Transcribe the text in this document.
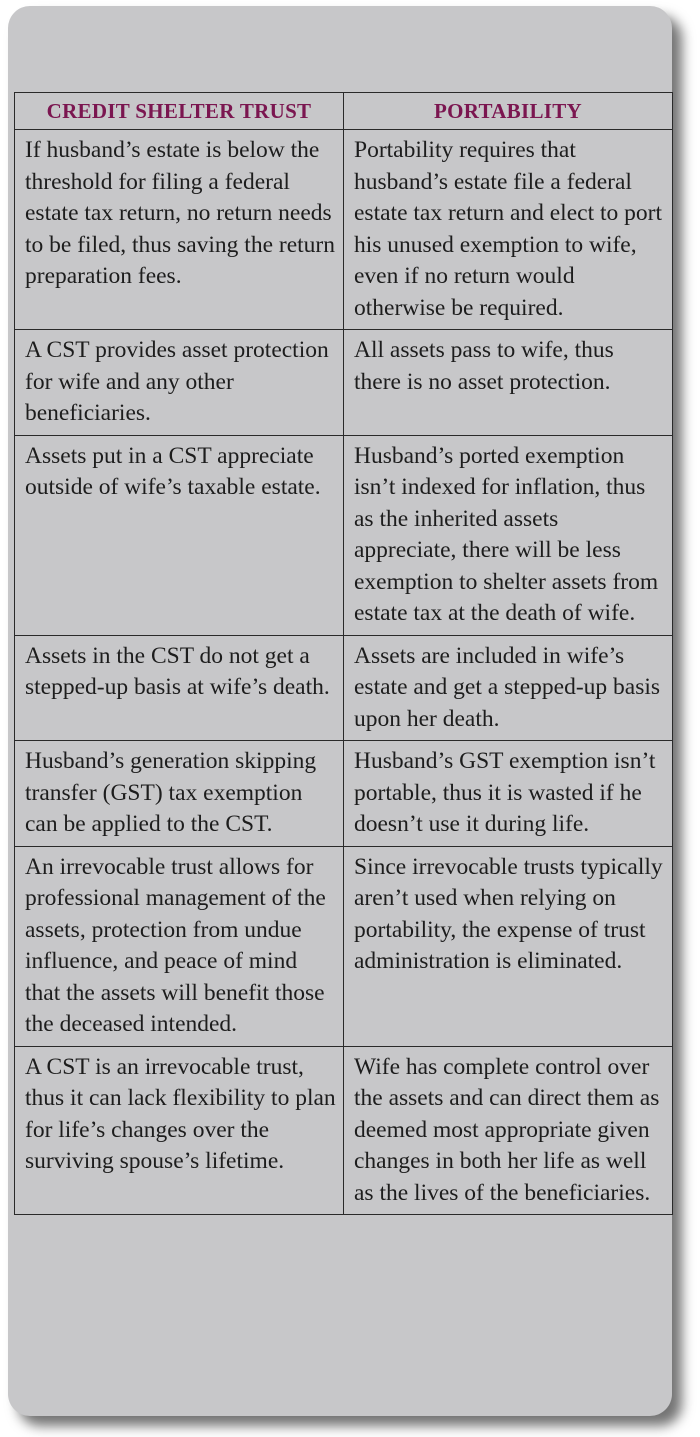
CREDIT SHELTER TRUST	PORTABILITY
If husband’s estate is below the threshold for filing a federal estate tax return, no return needs to be filed, thus saving the return preparation fees.	Portability requires that husband’s estate file a federal estate tax return and elect to port his unused exemption to wife, even if no return would otherwise be required.
A CST provides asset protection for wife and any other beneficiaries.	All assets pass to wife, thus there is no asset protection.
Assets put in a CST appreciate outside of wife’s taxable estate.	Husband’s ported exemption isn’t indexed for inflation, thus as the inherited assets appreciate, there will be less exemption to shelter assets from estate tax at the death of wife.
Assets in the CST do not get a stepped-up basis at wife’s death.	Assets are included in wife’s estate and get a stepped-up basis upon her death.
Husband’s generation skipping transfer (GST) tax exemption can be applied to the CST.	Husband’s GST exemption isn’t portable, thus it is wasted if he doesn’t use it during life.
An irrevocable trust allows for professional management of the assets, protection from undue influence, and peace of mind that the assets will benefit those the deceased intended.	Since irrevocable trusts typically aren’t used when relying on portability, the expense of trust administration is eliminated.
A CST is an irrevocable trust, thus it can lack flexibility to plan for life’s changes over the surviving spouse’s lifetime.	Wife has complete control over the assets and can direct them as deemed most appropriate given changes in both her life as well as the lives of the beneficiaries.
